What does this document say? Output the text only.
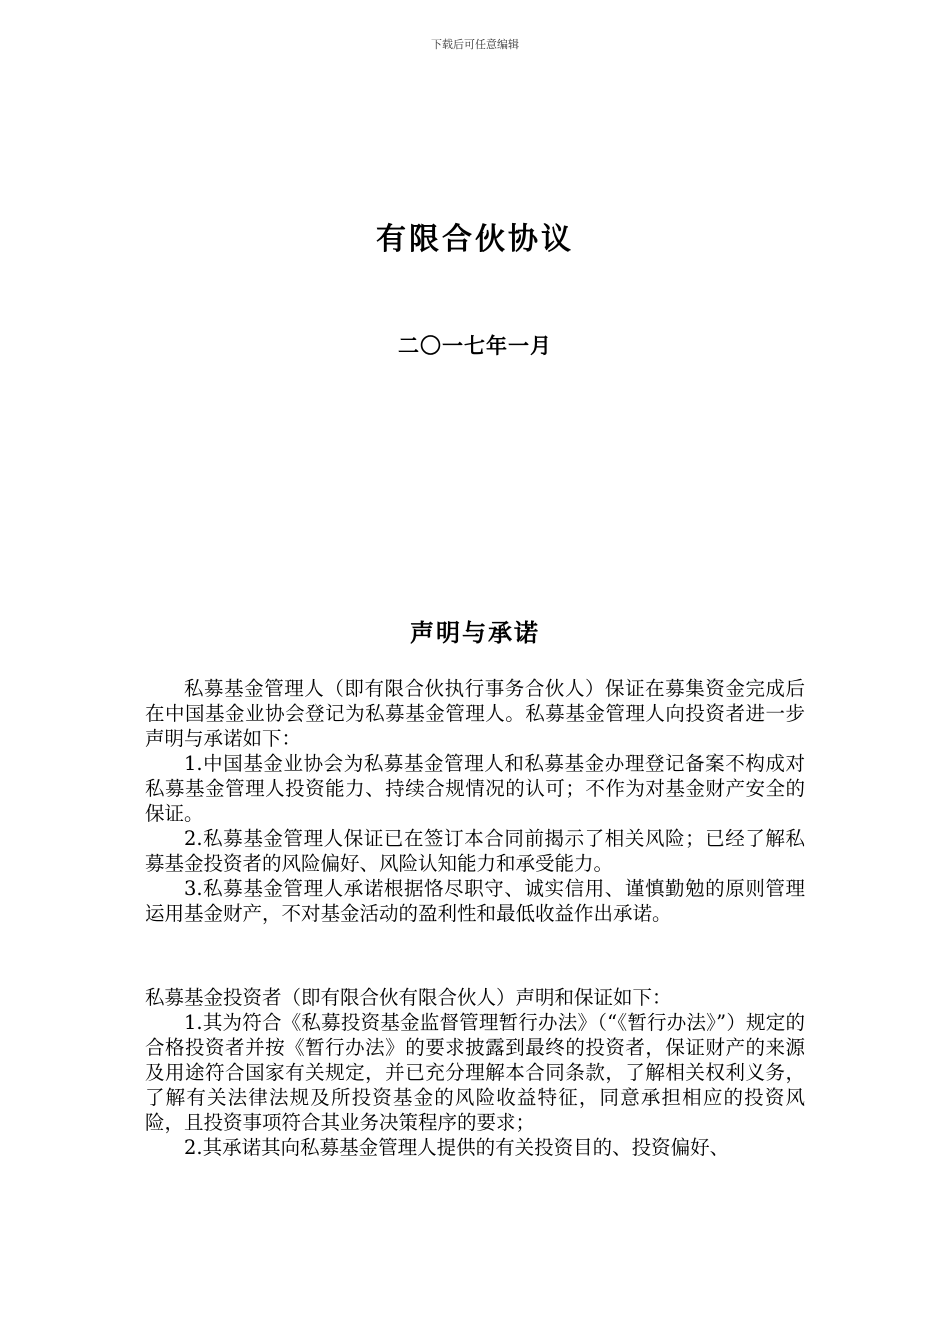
下载后可任意编辑
有限合伙协议
二〇一七年一月
声明与承诺

私募基金管理人（即有限合伙执行事务合伙人）保证在募集资金完成后在中国基金业协会登记为私募基金管理人。私募基金管理人向投资者进一步声明与承诺如下：

1.中国基金业协会为私募基金管理人和私募基金办理登记备案不构成对私募基金管理人投资能力、持续合规情况的认可；不作为对基金财产安全的保证。

2.私募基金管理人保证已在签订本合同前揭示了相关风险；已经了解私募基金投资者的风险偏好、风险认知能力和承受能力。

3.私募基金管理人承诺根据恪尽职守、诚实信用、谨慎勤勉的原则管理运用基金财产，不对基金活动的盈利性和最低收益作出承诺。

私募基金投资者（即有限合伙有限合伙人）声明和保证如下：

1.其为符合《私募投资基金监督管理暂行办法》（“《暂行办法》”）规定的合格投资者并按《暂行办法》的要求披露到最终的投资者，保证财产的来源及用途符合国家有关规定，并已充分理解本合同条款，了解相关权利义务，了解有关法律法规及所投资基金的风险收益特征，同意承担相应的投资风险，且投资事项符合其业务决策程序的要求；

2.其承诺其向私募基金管理人提供的有关投资目的、投资偏好、
